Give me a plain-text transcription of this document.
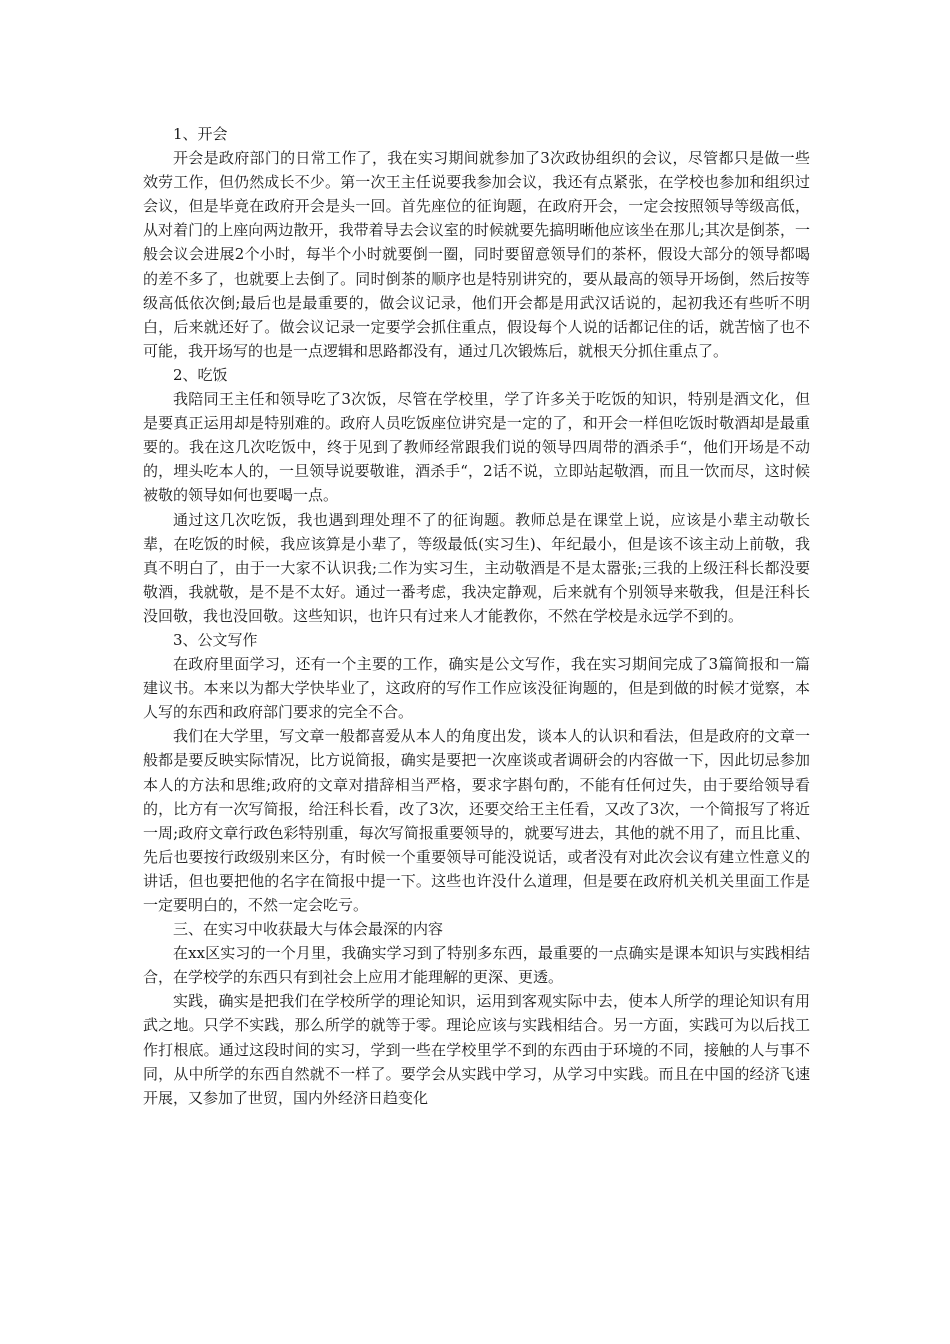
1、开会

开会是政府部门的日常工作了，我在实习期间就参加了3次政协组织的会议，尽管都只是做一些效劳工作，但仍然成长不少。第一次王主任说要我参加会议，我还有点紧张，在学校也参加和组织过会议，但是毕竟在政府开会是头一回。首先座位的征询题，在政府开会，一定会按照领导等级高低，从对着门的上座向两边散开，我带着导去会议室的时候就要先搞明晰他应该坐在那儿;其次是倒茶，一般会议会进展2个小时，每半个小时就要倒一圈，同时要留意领导们的茶杯，假设大部分的领导都喝的差不多了，也就要上去倒了。同时倒茶的顺序也是特别讲究的，要从最高的领导开场倒，然后按等级高低依次倒;最后也是最重要的，做会议记录，他们开会都是用武汉话说的，起初我还有些听不明白，后来就还好了。做会议记录一定要学会抓住重点，假设每个人说的话都记住的话，就苦恼了也不可能，我开场写的也是一点逻辑和思路都没有，通过几次锻炼后，就根天分抓住重点了。

2、吃饭

我陪同王主任和领导吃了3次饭，尽管在学校里，学了许多关于吃饭的知识，特别是酒文化，但是要真正运用却是特别难的。政府人员吃饭座位讲究是一定的了，和开会一样但吃饭时敬酒却是最重要的。我在这几次吃饭中，终于见到了教师经常跟我们说的领导四周带的酒杀手“，他们开场是不动的，埋头吃本人的，一旦领导说要敬谁，酒杀手“，2话不说，立即站起敬酒，而且一饮而尽，这时候被敬的领导如何也要喝一点。

通过这几次吃饭，我也遇到理处理不了的征询题。教师总是在课堂上说，应该是小辈主动敬长辈，在吃饭的时候，我应该算是小辈了，等级最低(实习生)、年纪最小，但是该不该主动上前敬，我真不明白了，由于一大家不认识我;二作为实习生，主动敬酒是不是太嚣张;三我的上级汪科长都没要敬酒，我就敬，是不是不太好。通过一番考虑，我决定静观，后来就有个别领导来敬我，但是汪科长没回敬，我也没回敬。这些知识，也许只有过来人才能教你，不然在学校是永远学不到的。

3、公文写作

在政府里面学习，还有一个主要的工作，确实是公文写作，我在实习期间完成了3篇简报和一篇建议书。本来以为都大学快毕业了，这政府的写作工作应该没征询题的，但是到做的时候才觉察，本人写的东西和政府部门要求的完全不合。

我们在大学里，写文章一般都喜爱从本人的角度出发，谈本人的认识和看法，但是政府的文章一般都是要反映实际情况，比方说简报，确实是要把一次座谈或者调研会的内容做一下，因此切忌参加本人的方法和思维;政府的文章对措辞相当严格，要求字斟句酌，不能有任何过失，由于要给领导看的，比方有一次写简报，给汪科长看，改了3次，还要交给王主任看，又改了3次，一个简报写了将近一周;政府文章行政色彩特别重，每次写简报重要领导的，就要写进去，其他的就不用了，而且比重、先后也要按行政级别来区分，有时候一个重要领导可能没说话，或者没有对此次会议有建立性意义的讲话，但也要把他的名字在简报中提一下。这些也许没什么道理，但是要在政府机关机关里面工作是一定要明白的，不然一定会吃亏。

三、在实习中收获最大与体会最深的内容

在xx区实习的一个月里，我确实学习到了特别多东西，最重要的一点确实是课本知识与实践相结合，在学校学的东西只有到社会上应用才能理解的更深、更透。

实践，确实是把我们在学校所学的理论知识，运用到客观实际中去，使本人所学的理论知识有用武之地。只学不实践，那么所学的就等于零。理论应该与实践相结合。另一方面，实践可为以后找工作打根底。通过这段时间的实习，学到一些在学校里学不到的东西由于环境的不同，接触的人与事不同，从中所学的东西自然就不一样了。要学会从实践中学习，从学习中实践。而且在中国的经济飞速开展，又参加了世贸，国内外经济日趋变化
